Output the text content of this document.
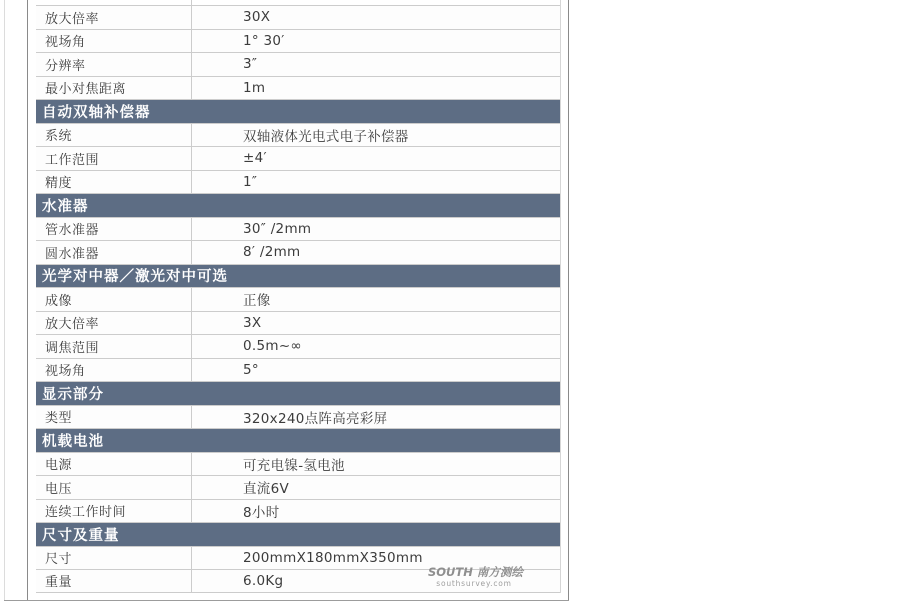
放大倍率	30X
视场角	1° 30′
分辨率	3″
最小对焦距离	1m
自动双轴补偿器
系统	双轴液体光电式电子补偿器
工作范围	±4′
精度	1″
水准器
管水准器	30″ /2mm
圆水准器	8′ /2mm
光学对中器／激光对中可选
成像	正像
放大倍率	3X
调焦范围	0.5m~∞
视场角	5°
显示部分
类型	320x240点阵高亮彩屏
机载电池
电源	可充电镍-氢电池
电压	直流6V
连续工作时间	8小时
尺寸及重量
尺寸	200mmX180mmX350mm
重量	6.0Kg
SOUTH 南方测绘
southsurvey.com
